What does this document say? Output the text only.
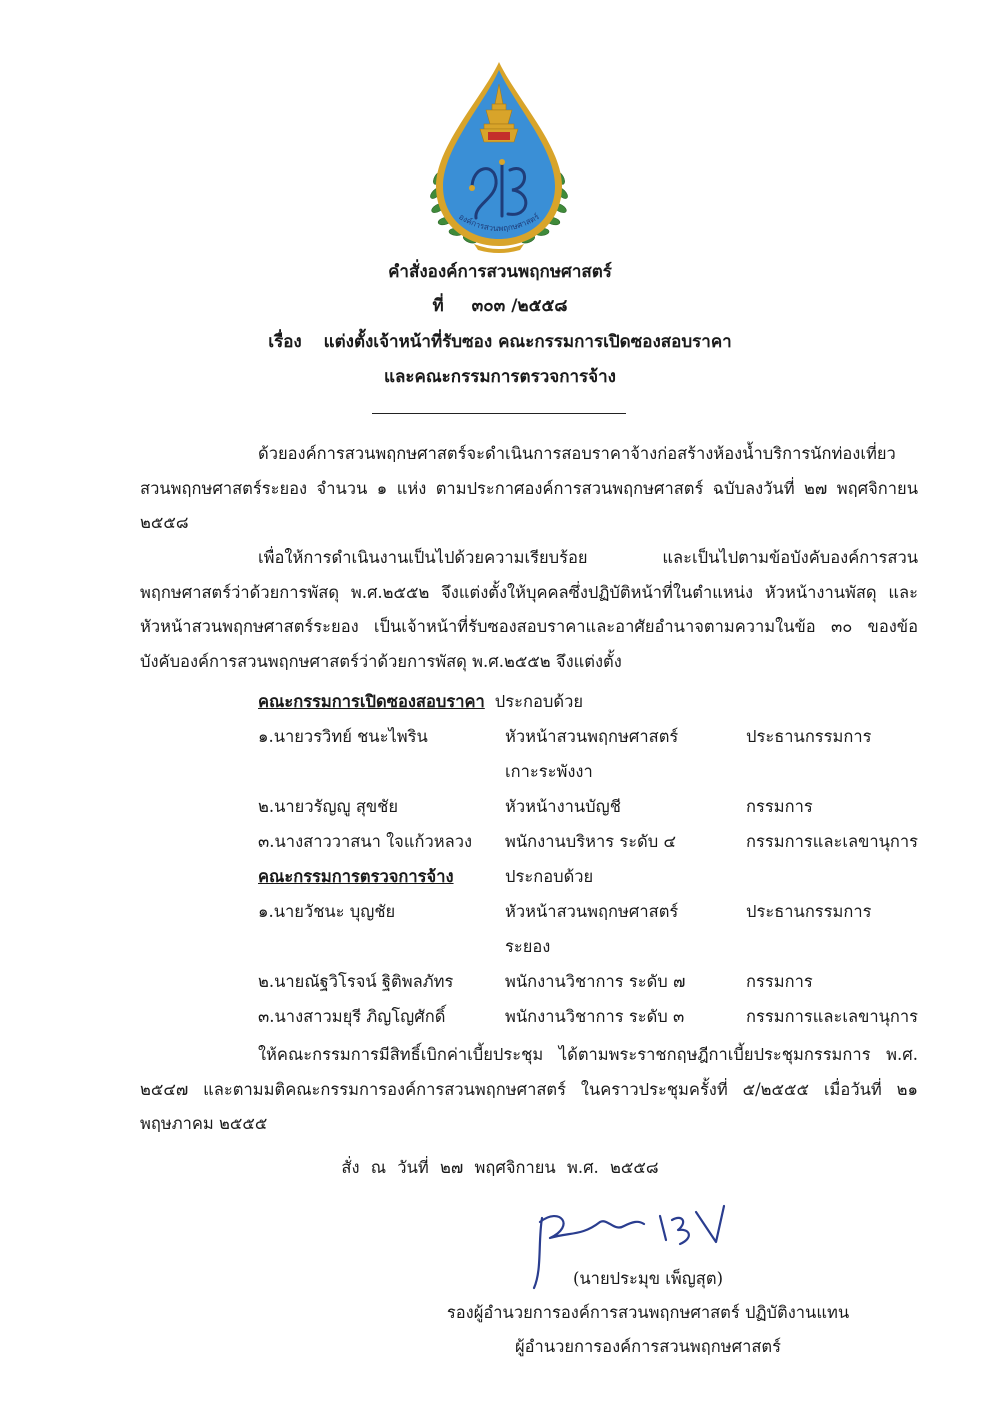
องค์การสวนพฤกษศาสตร์
คำสั่งองค์การสวนพฤกษศาสตร์
ที่ ๓๐๓ /๒๕๕๘
เรื่อง แต่งตั้งเจ้าหน้าที่รับซอง คณะกรรมการเปิดซองสอบราคา
และคณะกรรมการตรวจการจ้าง
ด้วยองค์การสวนพฤกษศาสตร์จะดำเนินการสอบราคาจ้างก่อสร้างห้องน้ำบริการนักท่องเที่ยว สวนพฤกษศาสตร์ระยอง จำนวน ๑ แห่ง ตามประกาศองค์การสวนพฤกษศาสตร์ ฉบับลงวันที่ ๒๗ พฤศจิกายน ๒๕๕๘
เพื่อให้การดำเนินงานเป็นไปด้วยความเรียบร้อย และเป็นไปตามข้อบังคับองค์การสวนพฤกษศาสตร์ว่าด้วยการพัสดุ พ.ศ.๒๕๕๒ จึงแต่งตั้งให้บุคคลซึ่งปฏิบัติหน้าที่ในตำแหน่ง หัวหน้างานพัสดุ และหัวหน้าสวนพฤกษศาสตร์ระยอง เป็นเจ้าหน้าที่รับซองสอบราคาและอาศัยอำนาจตามความในข้อ ๓๐ ของข้อบังคับองค์การสวนพฤกษศาสตร์ว่าด้วยการพัสดุ พ.ศ.๒๕๕๒ จึงแต่งตั้ง
คณะกรรมการเปิดซองสอบราคา ประกอบด้วย
๑.นายวรวิทย์ ชนะไพริน	หัวหน้าสวนพฤกษศาสตร์	ประธานกรรมการ
เกาะระพังงา
๒.นายวรัญญู สุขชัย	หัวหน้างานบัญชี	กรรมการ
๓.นางสาววาสนา ใจแก้วหลวง พนักงานบริหาร ระดับ ๔	กรรมการและเลขานุการ
คณะกรรมการตรวจการจ้าง	ประกอบด้วย
๑.นายวัชนะ บุญชัย	หัวหน้าสวนพฤกษศาสตร์	ประธานกรรมการ
ระยอง
๒.นายณัฐวิโรจน์ ฐิติพลภัทร	พนักงานวิชาการ ระดับ ๗	กรรมการ
๓.นางสาวมยุรี ภิญโญศักดิ์	พนักงานวิชาการ ระดับ ๓	กรรมการและเลขานุการ
ให้คณะกรรมการมีสิทธิ์เบิกค่าเบี้ยประชุม ได้ตามพระราชกฤษฎีกาเบี้ยประชุมกรรมการ พ.ศ. ๒๕๔๗ และตามมติคณะกรรมการองค์การสวนพฤกษศาสตร์ ในคราวประชุมครั้งที่ ๕/๒๕๕๕ เมื่อวันที่ ๒๑ พฤษภาคม ๒๕๕๕
สั่ง ณ วันที่ ๒๗ พฤศจิกายน พ.ศ. ๒๕๕๘
(นายประมุข เพ็ญสุต)
รองผู้อำนวยการองค์การสวนพฤกษศาสตร์ ปฏิบัติงานแทน
ผู้อำนวยการองค์การสวนพฤกษศาสตร์
